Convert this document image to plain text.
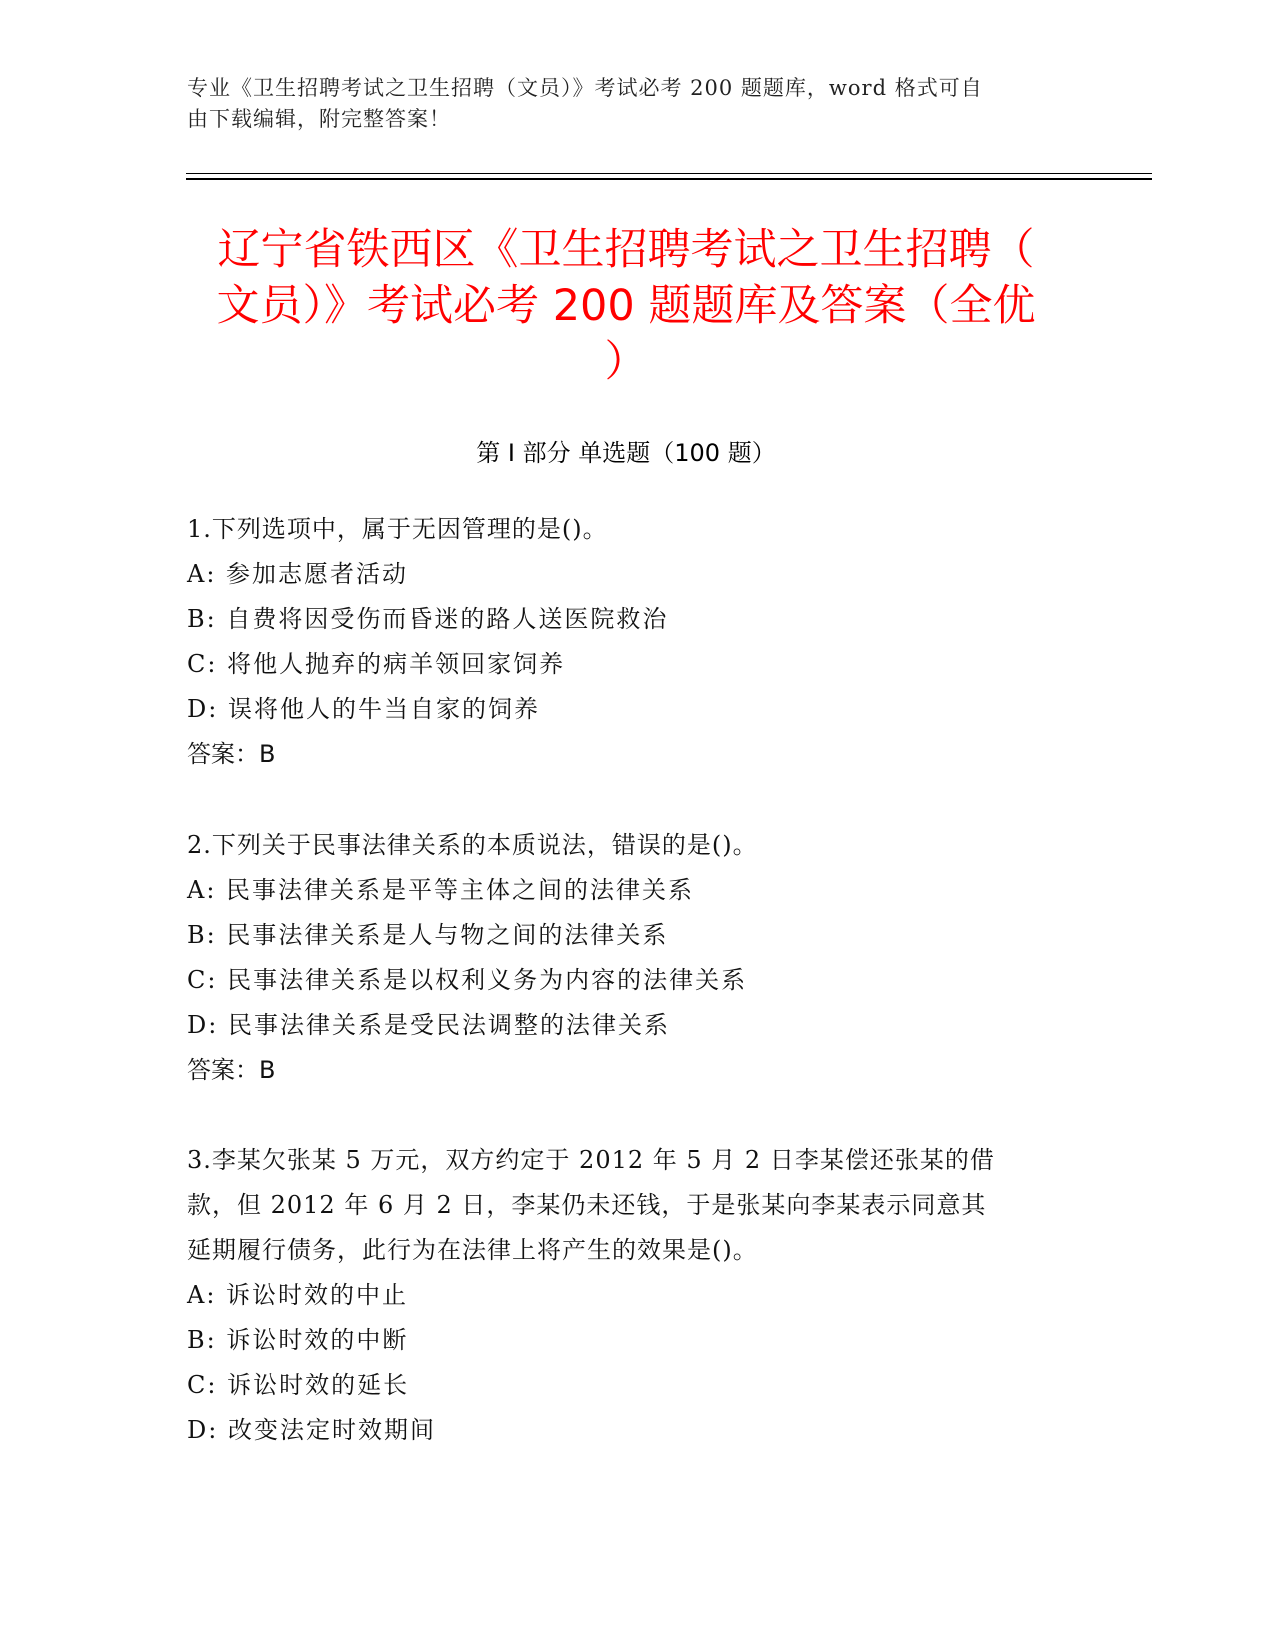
专业《卫生招聘考试之卫生招聘（文员）》考试必考 200 题题库，word 格式可自
由下载编辑，附完整答案！
辽宁省铁西区《卫生招聘考试之卫生招聘（
文员）》考试必考 200 题题库及答案（全优
）
第 I 部分 单选题（100 题）
1.下列选项中，属于无因管理的是()。
A: 参加志愿者活动
B: 自费将因受伤而昏迷的路人送医院救治
C: 将他人抛弃的病羊领回家饲养
D: 误将他人的牛当自家的饲养
答案：B
2.下列关于民事法律关系的本质说法，错误的是()。
A: 民事法律关系是平等主体之间的法律关系
B: 民事法律关系是人与物之间的法律关系
C: 民事法律关系是以权利义务为内容的法律关系
D: 民事法律关系是受民法调整的法律关系
答案：B
3.李某欠张某 5 万元，双方约定于 2012 年 5 月 2 日李某偿还张某的借
款，但 2012 年 6 月 2 日，李某仍未还钱，于是张某向李某表示同意其
延期履行债务，此行为在法律上将产生的效果是()。
A: 诉讼时效的中止
B: 诉讼时效的中断
C: 诉讼时效的延长
D: 改变法定时效期间
